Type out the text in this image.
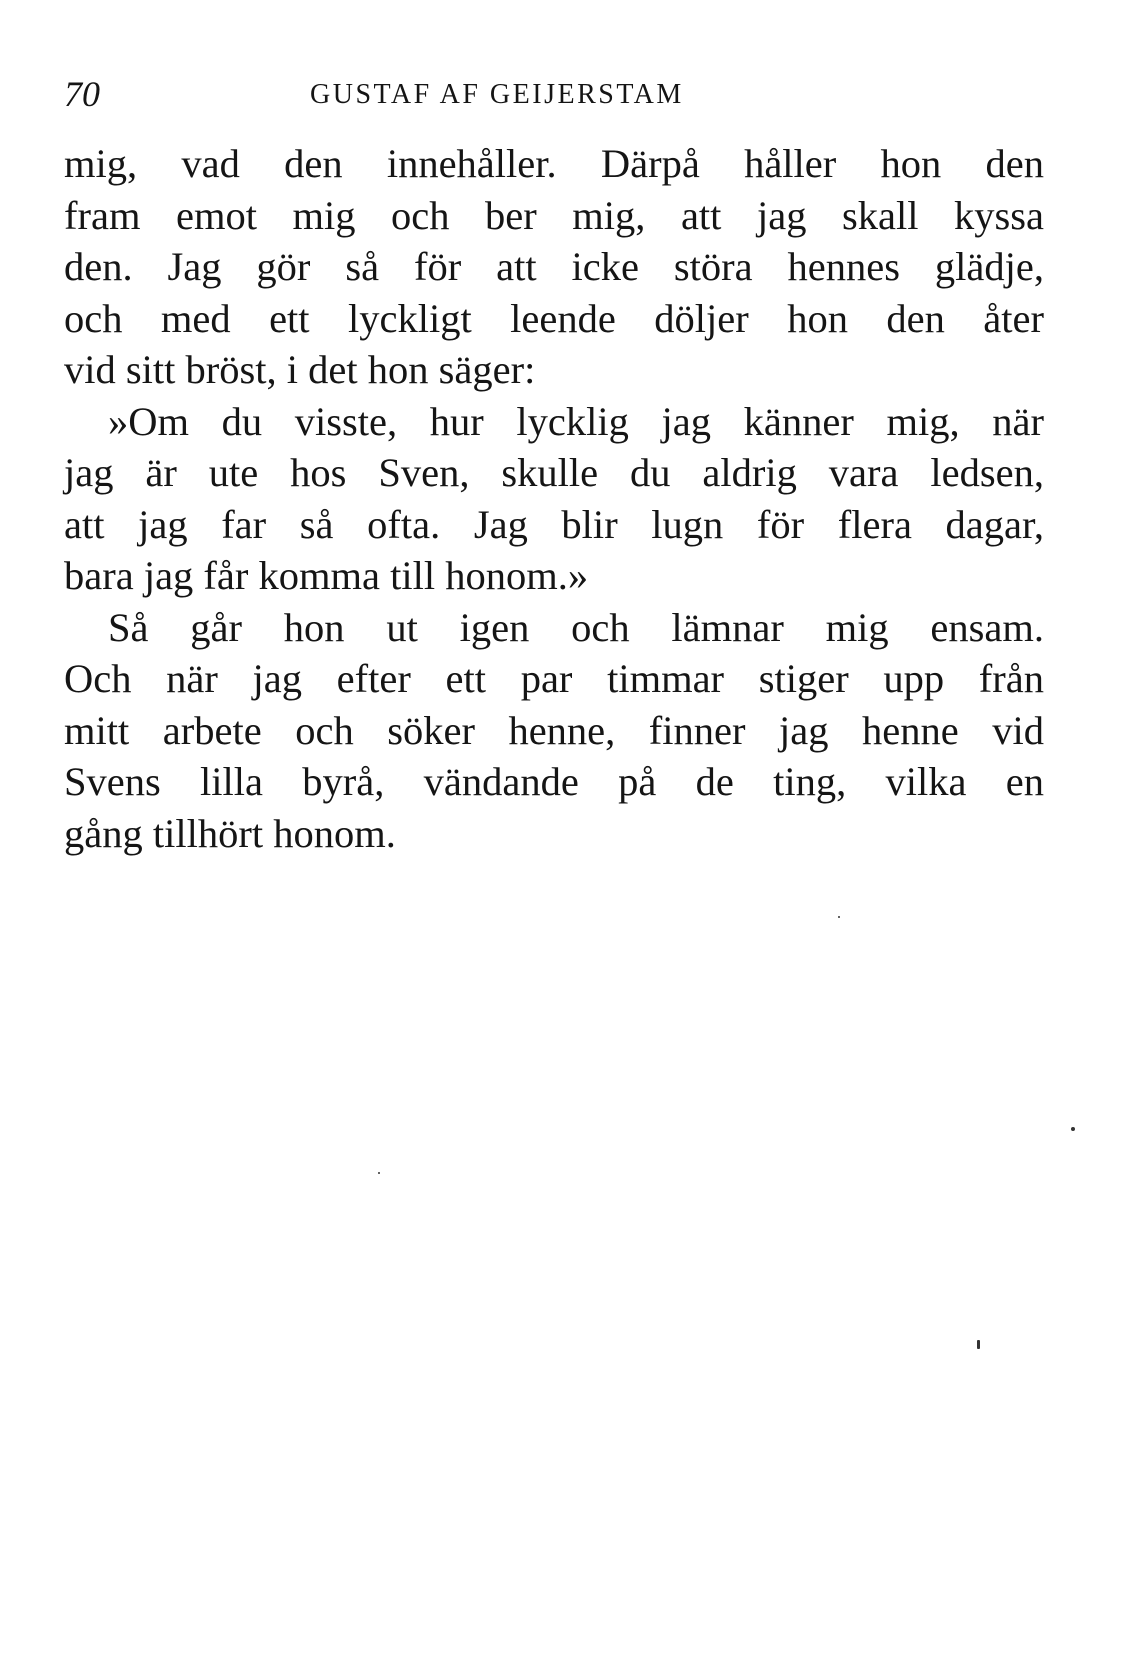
70	GUSTAF AF GEIJERSTAM
mig, vad den innehåller. Därpå håller hon den
fram emot mig och ber mig, att jag skall kyssa
den. Jag gör så för att icke störa hennes glädje,
och med ett lyckligt leende döljer hon den åter
vid sitt bröst, i det hon säger:
»Om du visste, hur lycklig jag känner mig, när
jag är ute hos Sven, skulle du aldrig vara ledsen,
att jag far så ofta. Jag blir lugn för flera dagar,
bara jag får komma till honom.»
Så går hon ut igen och lämnar mig ensam.
Och när jag efter ett par timmar stiger upp från
mitt arbete och söker henne, finner jag henne vid
Svens lilla byrå, vändande på de ting, vilka en
gång tillhört honom.
